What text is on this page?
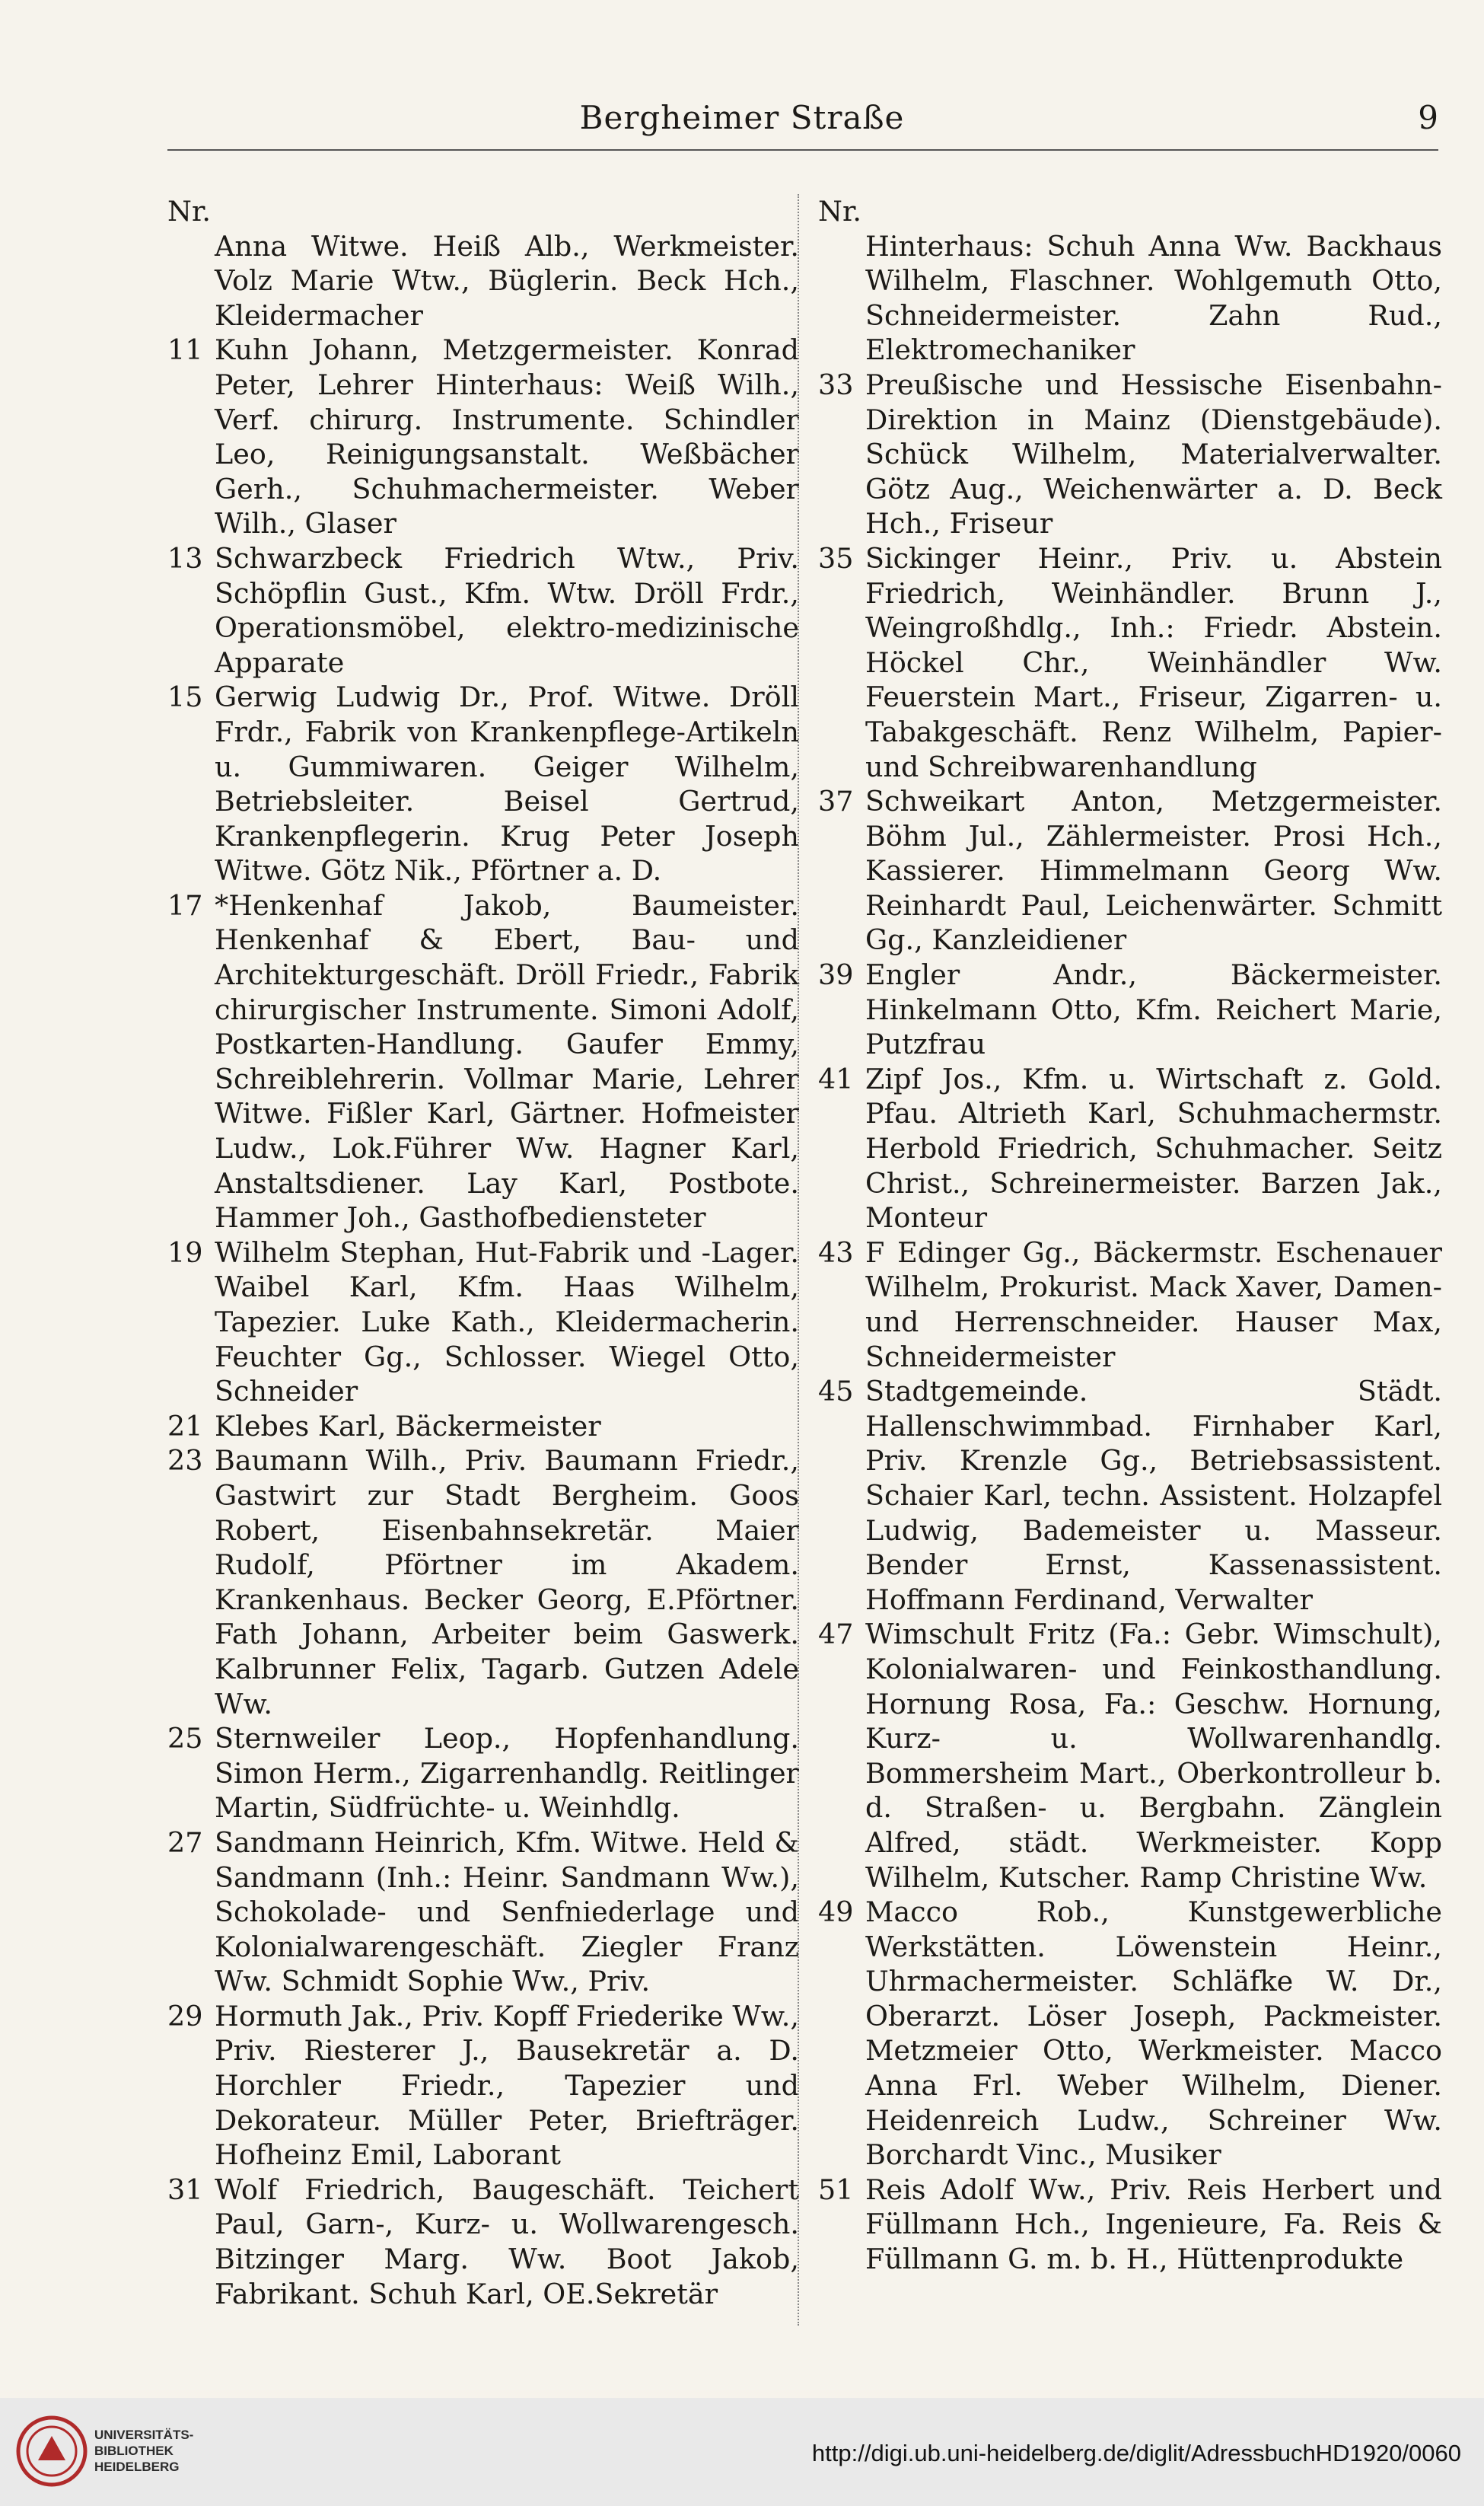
Bergheimer Straße	9
Nr.
Anna Witwe. Heiß Alb., Werkmeister. Volz Marie Wtw., Büglerin. Beck Hch., Kleidermacher
11 Kuhn Johann, Metzgermeister. Konrad Peter, Lehrer Hinterhaus: Weiß Wilh., Verf. chirurg. Instrumente. Schindler Leo, Reinigungsanstalt. Weßbächer Gerh., Schuhmachermeister. Weber Wilh., Glaser
13 Schwarzbeck Friedrich Wtw., Priv. Schöpflin Gust., Kfm. Wtw. Dröll Frdr., Operationsmöbel, elektro-medizinische Apparate
15 Gerwig Ludwig Dr., Prof. Witwe. Dröll Frdr., Fabrik von Krankenpflege-Artikeln u. Gummiwaren. Geiger Wilhelm, Betriebsleiter. Beisel Gertrud, Krankenpflegerin. Krug Peter Joseph Witwe. Götz Nik., Pförtner a. D.
17 *Henkenhaf Jakob, Baumeister. Henkenhaf & Ebert, Bau- und Architekturgeschäft. Dröll Friedr., Fabrik chirurgischer Instrumente. Simoni Adolf, Postkarten-Handlung. Gaufer Emmy, Schreiblehrerin. Vollmar Marie, Lehrer Witwe. Fißler Karl, Gärtner. Hofmeister Ludw., Lok.Führer Ww. Hagner Karl, Anstaltsdiener. Lay Karl, Postbote. Hammer Joh., Gasthofbediensteter
19 Wilhelm Stephan, Hut-Fabrik und -Lager. Waibel Karl, Kfm. Haas Wilhelm, Tapezier. Luke Kath., Kleidermacherin. Feuchter Gg., Schlosser. Wiegel Otto, Schneider
21 Klebes Karl, Bäckermeister
23 Baumann Wilh., Priv. Baumann Friedr., Gastwirt zur Stadt Bergheim. Goos Robert, Eisenbahnsekretär. Maier Rudolf, Pförtner im Akadem. Krankenhaus. Becker Georg, E.Pförtner. Fath Johann, Arbeiter beim Gaswerk. Kalbrunner Felix, Tagarb. Gutzen Adele Ww.
25 Sternweiler Leop., Hopfenhandlung. Simon Herm., Zigarrenhandlg. Reitlinger Martin, Südfrüchte- u. Weinhdlg.
27 Sandmann Heinrich, Kfm. Witwe. Held & Sandmann (Inh.: Heinr. Sandmann Ww.), Schokolade- und Senfniederlage und Kolonialwarengeschäft. Ziegler Franz Ww. Schmidt Sophie Ww., Priv.
29 Hormuth Jak., Priv. Kopff Friederike Ww., Priv. Riesterer J., Bausekretär a. D. Horchler Friedr., Tapezier und Dekorateur. Müller Peter, Briefträger. Hofheinz Emil, Laborant
31 Wolf Friedrich, Baugeschäft. Teichert Paul, Garn-, Kurz- u. Wollwarengesch. Bitzinger Marg. Ww. Boot Jakob, Fabrikant. Schuh Karl, OE.Sekretär
Nr.
Hinterhaus: Schuh Anna Ww. Backhaus Wilhelm, Flaschner. Wohlgemuth Otto, Schneidermeister. Zahn Rud., Elektromechaniker
33 Preußische und Hessische Eisenbahn-Direktion in Mainz (Dienstgebäude). Schück Wilhelm, Materialverwalter. Götz Aug., Weichenwärter a. D. Beck Hch., Friseur
35 Sickinger Heinr., Priv. u. Abstein Friedrich, Weinhändler. Brunn J., Weingroßhdlg., Inh.: Friedr. Abstein. Höckel Chr., Weinhändler Ww. Feuerstein Mart., Friseur, Zigarren- u. Tabakgeschäft. Renz Wilhelm, Papier- und Schreibwarenhandlung
37 Schweikart Anton, Metzgermeister. Böhm Jul., Zählermeister. Prosi Hch., Kassierer. Himmelmann Georg Ww. Reinhardt Paul, Leichenwärter. Schmitt Gg., Kanzleidiener
39 Engler Andr., Bäckermeister. Hinkelmann Otto, Kfm. Reichert Marie, Putzfrau
41 Zipf Jos., Kfm. u. Wirtschaft z. Gold. Pfau. Altrieth Karl, Schuhmachermstr. Herbold Friedrich, Schuhmacher. Seitz Christ., Schreinermeister. Barzen Jak., Monteur
43 F Edinger Gg., Bäckermstr. Eschenauer Wilhelm, Prokurist. Mack Xaver, Damen- und Herrenschneider. Hauser Max, Schneidermeister
45 Stadtgemeinde. Städt. Hallenschwimmbad. Firnhaber Karl, Priv. Krenzle Gg., Betriebsassistent. Schaier Karl, techn. Assistent. Holzapfel Ludwig, Bademeister u. Masseur. Bender Ernst, Kassenassistent. Hoffmann Ferdinand, Verwalter
47 Wimschult Fritz (Fa.: Gebr. Wimschult), Kolonialwaren- und Feinkosthandlung. Hornung Rosa, Fa.: Geschw. Hornung, Kurz- u. Wollwarenhandlg. Bommersheim Mart., Oberkontrolleur b. d. Straßen- u. Bergbahn. Zänglein Alfred, städt. Werkmeister. Kopp Wilhelm, Kutscher. Ramp Christine Ww.
49 Macco Rob., Kunstgewerbliche Werkstätten. Löwenstein Heinr., Uhrmachermeister. Schläfke W. Dr., Oberarzt. Löser Joseph, Packmeister. Metzmeier Otto, Werkmeister. Macco Anna Frl. Weber Wilhelm, Diener. Heidenreich Ludw., Schreiner Ww. Borchardt Vinc., Musiker
51 Reis Adolf Ww., Priv. Reis Herbert und Füllmann Hch., Ingenieure, Fa. Reis & Füllmann G. m. b. H., Hüttenprodukte
UNIVERSITÄTS-
BIBLIOTHEK
HEIDELBERG
http://digi.ub.uni-heidelberg.de/diglit/AdressbuchHD1920/0060
